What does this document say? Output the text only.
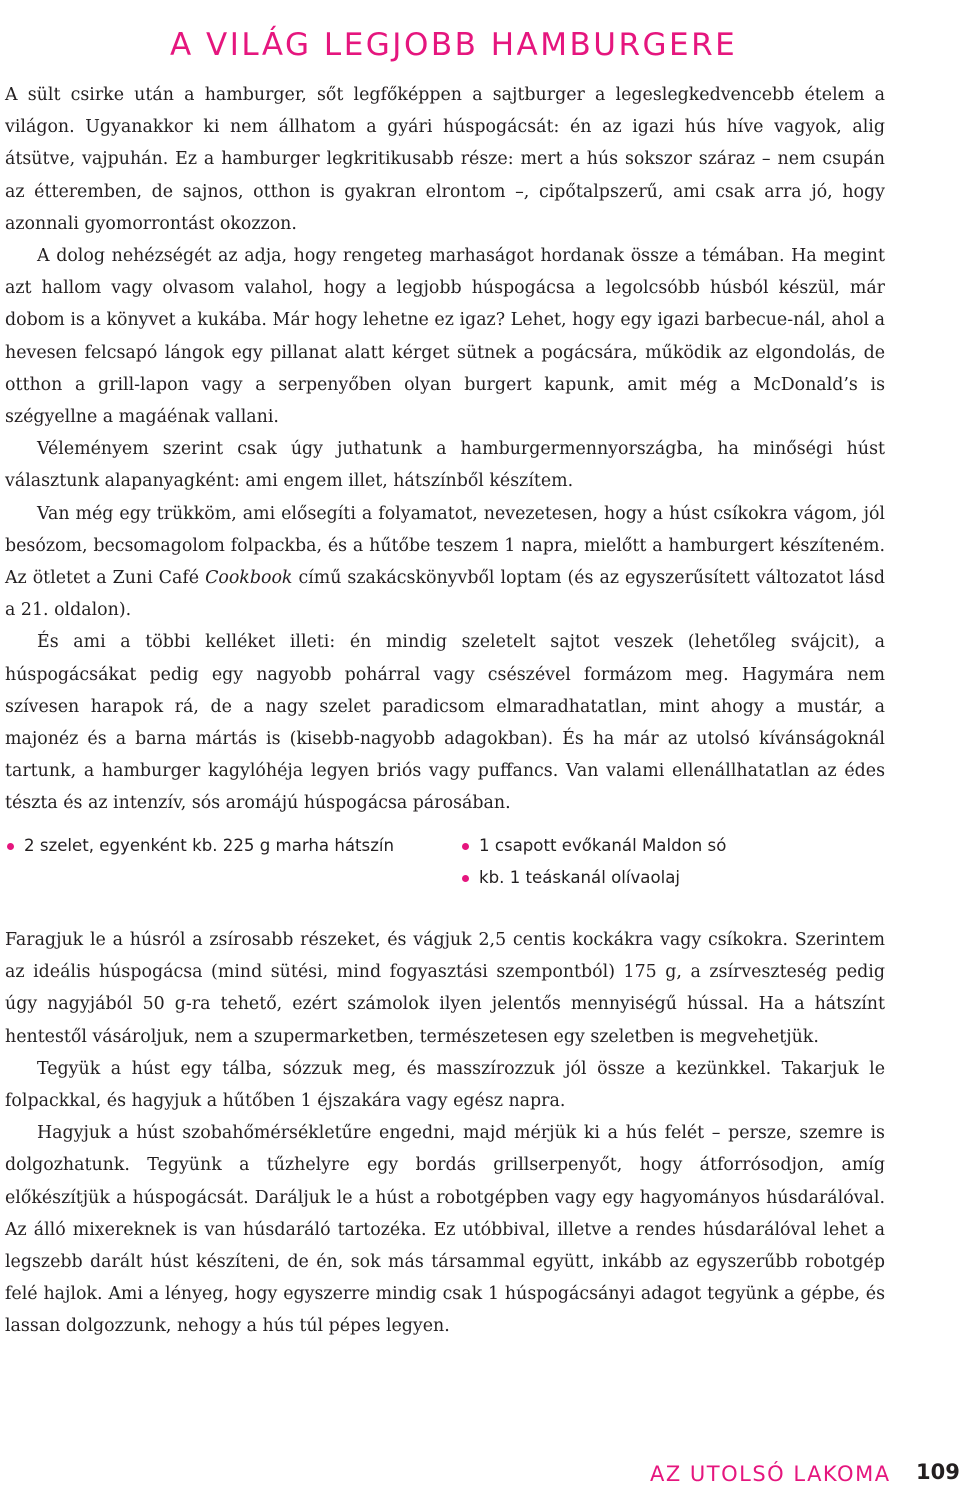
A VILÁG LEGJOBB HAMBURGERE

A sült csirke után a hamburger, sőt legfőképpen a sajtburger a legeslegkedvencebb ételem a világon. Ugyanakkor ki nem állhatom a gyári húspogácsát: én az igazi hús híve vagyok, alig átsütve, vajpuhán. Ez a hamburger legkritikusabb része: mert a hús sokszor száraz – nem csupán az étteremben, de sajnos, otthon is gyakran elrontom –, cipőtalpszerű, ami csak arra jó, hogy azonnali gyomorrontást okozzon.

A dolog nehézségét az adja, hogy rengeteg marhaságot hordanak össze a témában. Ha megint azt hallom vagy olvasom valahol, hogy a legjobb húspogácsa a legolcsóbb húsból készül, már dobom is a könyvet a kukába. Már hogy lehetne ez igaz? Lehet, hogy egy igazi barbecue-nál, ahol a hevesen felcsapó lángok egy pillanat alatt kérget sütnek a pogácsára, működik az elgondolás, de otthon a grill-lapon vagy a serpenyőben olyan burgert kapunk, amit még a McDonald’s is szégyellne a magáénak vallani.

Véleményem szerint csak úgy juthatunk a hamburgermennyországba, ha minőségi húst választunk alapanyagként: ami engem illet, hátszínből készítem.

Van még egy trükköm, ami elősegíti a folyamatot, nevezetesen, hogy a húst csíkokra vágom, jól besózom, becsomagolom folpackba, és a hűtőbe teszem 1 napra, mielőtt a hamburgert készíteném. Az ötletet a Zuni Café Cookbook című szakácskönyvből loptam (és az egyszerűsített változatot lásd a 21. oldalon).

És ami a többi kelléket illeti: én mindig szeletelt sajtot veszek (lehetőleg svájcit), a húspogácsákat pedig egy nagyobb pohárral vagy csészével formázom meg. Hagymára nem szívesen harapok rá, de a nagy szelet paradicsom elmaradhatatlan, mint ahogy a mustár, a majonéz és a barna mártás is (kisebb-nagyobb adagokban). És ha már az utolsó kívánságoknál tartunk, a hamburger kagylóhéja legyen briós vagy puffancs. Van valami ellenállhatatlan az édes tészta és az intenzív, sós aromájú húspogácsa párosában.

2 szelet, egyenként kb. 225 g marha hátszín	1 csapott evőkanál Maldon só
kb. 1 teáskanál olívaolaj

Faragjuk le a húsról a zsírosabb részeket, és vágjuk 2,5 centis kockákra vagy csíkokra. Szerintem az ideális húspogácsa (mind sütési, mind fogyasztási szempontból) 175 g, a zsírveszteség pedig úgy nagyjából 50 g-ra tehető, ezért számolok ilyen jelentős mennyiségű hússal. Ha a hátszínt hentestől vásároljuk, nem a szupermarketben, természetesen egy szeletben is megvehetjük.

Tegyük a húst egy tálba, sózzuk meg, és masszírozzuk jól össze a kezünkkel. Takarjuk le folpackkal, és hagyjuk a hűtőben 1 éjszakára vagy egész napra.

Hagyjuk a húst szobahőmérsékletűre engedni, majd mérjük ki a hús felét – persze, szemre is dolgozhatunk. Tegyünk a tűzhelyre egy bordás grillserpenyőt, hogy átforrósodjon, amíg előkészítjük a húspogácsát. Daráljuk le a húst a robotgépben vagy egy hagyományos húsdarálóval. Az álló mixereknek is van húsdaráló tartozéka. Ez utóbbival, illetve a rendes húsdarálóval lehet a legszebb darált húst készíteni, de én, sok más társammal együtt, inkább az egyszerűbb robotgép felé hajlok. Ami a lényeg, hogy egyszerre mindig csak 1 húspogácsányi adagot tegyünk a gépbe, és lassan dolgozzunk, nehogy a hús túl pépes legyen.

AZ UTOLSÓ LAKOMA 109
